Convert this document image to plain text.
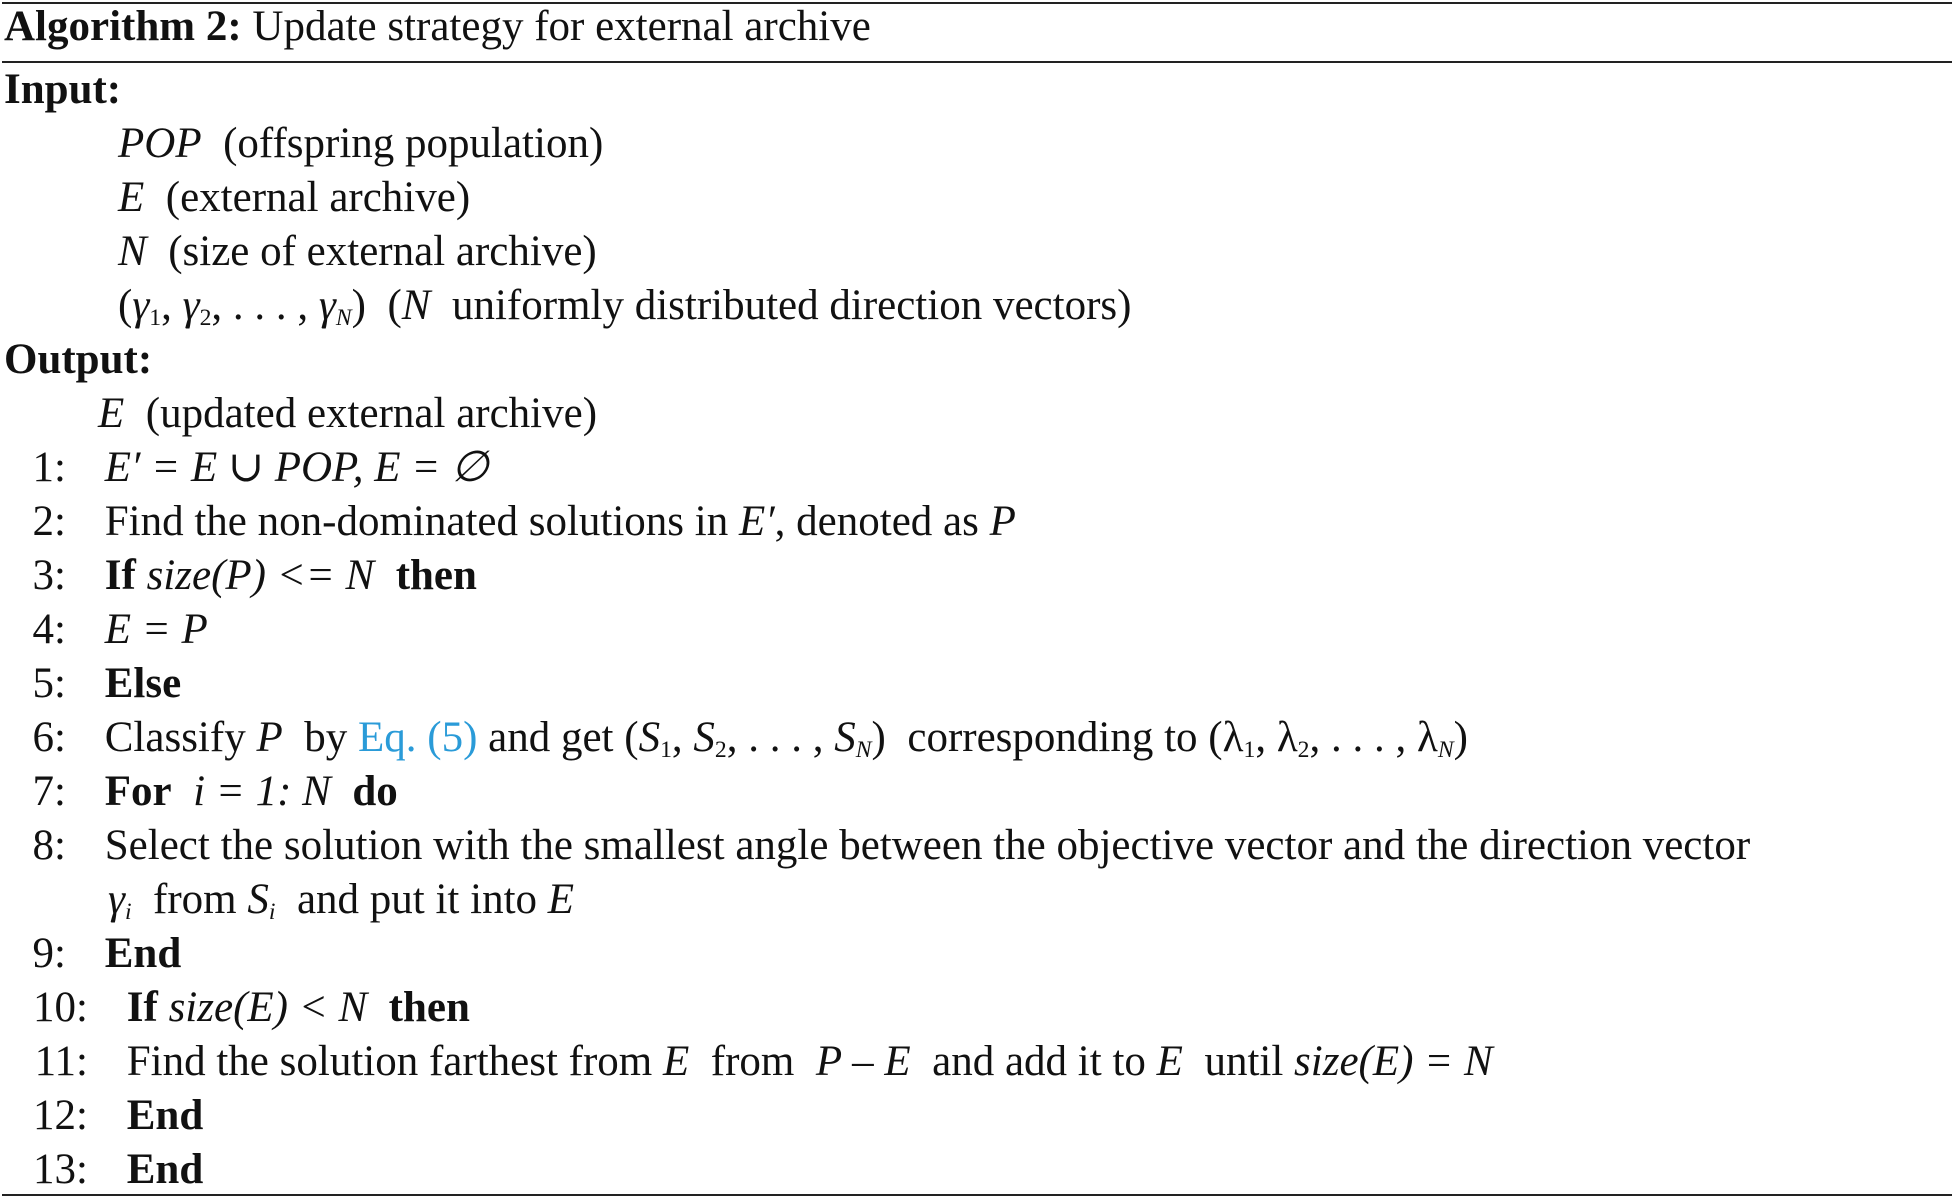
Algorithm 2: Update strategy for external archive
Input:
POP (offspring population)
E (external archive)
N (size of external archive)
($\gamma_1$, $\gamma_2$, . . . , $\gamma_N$)  (N uniformly distributed direction vectors)
Output:
E (updated external archive)
1: E′ = E ∪ POP, E = ∅
2: Find the non-dominated solutions in E′, denoted as P
3: If size(P) <= N then
4: E = P
5: Else
6: Classify P by Eq. (5) and get ($S_1$, $S_2$, . . . , $S_N$)  corresponding to ($\lambda_1$, $\lambda_2$, . . . , $\lambda_N$)
7: For i = 1: N do
8: Select the solution with the smallest angle between the objective vector and the direction vector
$\gamma_i$ from $S_i$ and put it into E
9: End
10: If size(E) < N then
11: Find the solution farthest from E from P – E and add it to E until size(E) = N
12: End
13: End
